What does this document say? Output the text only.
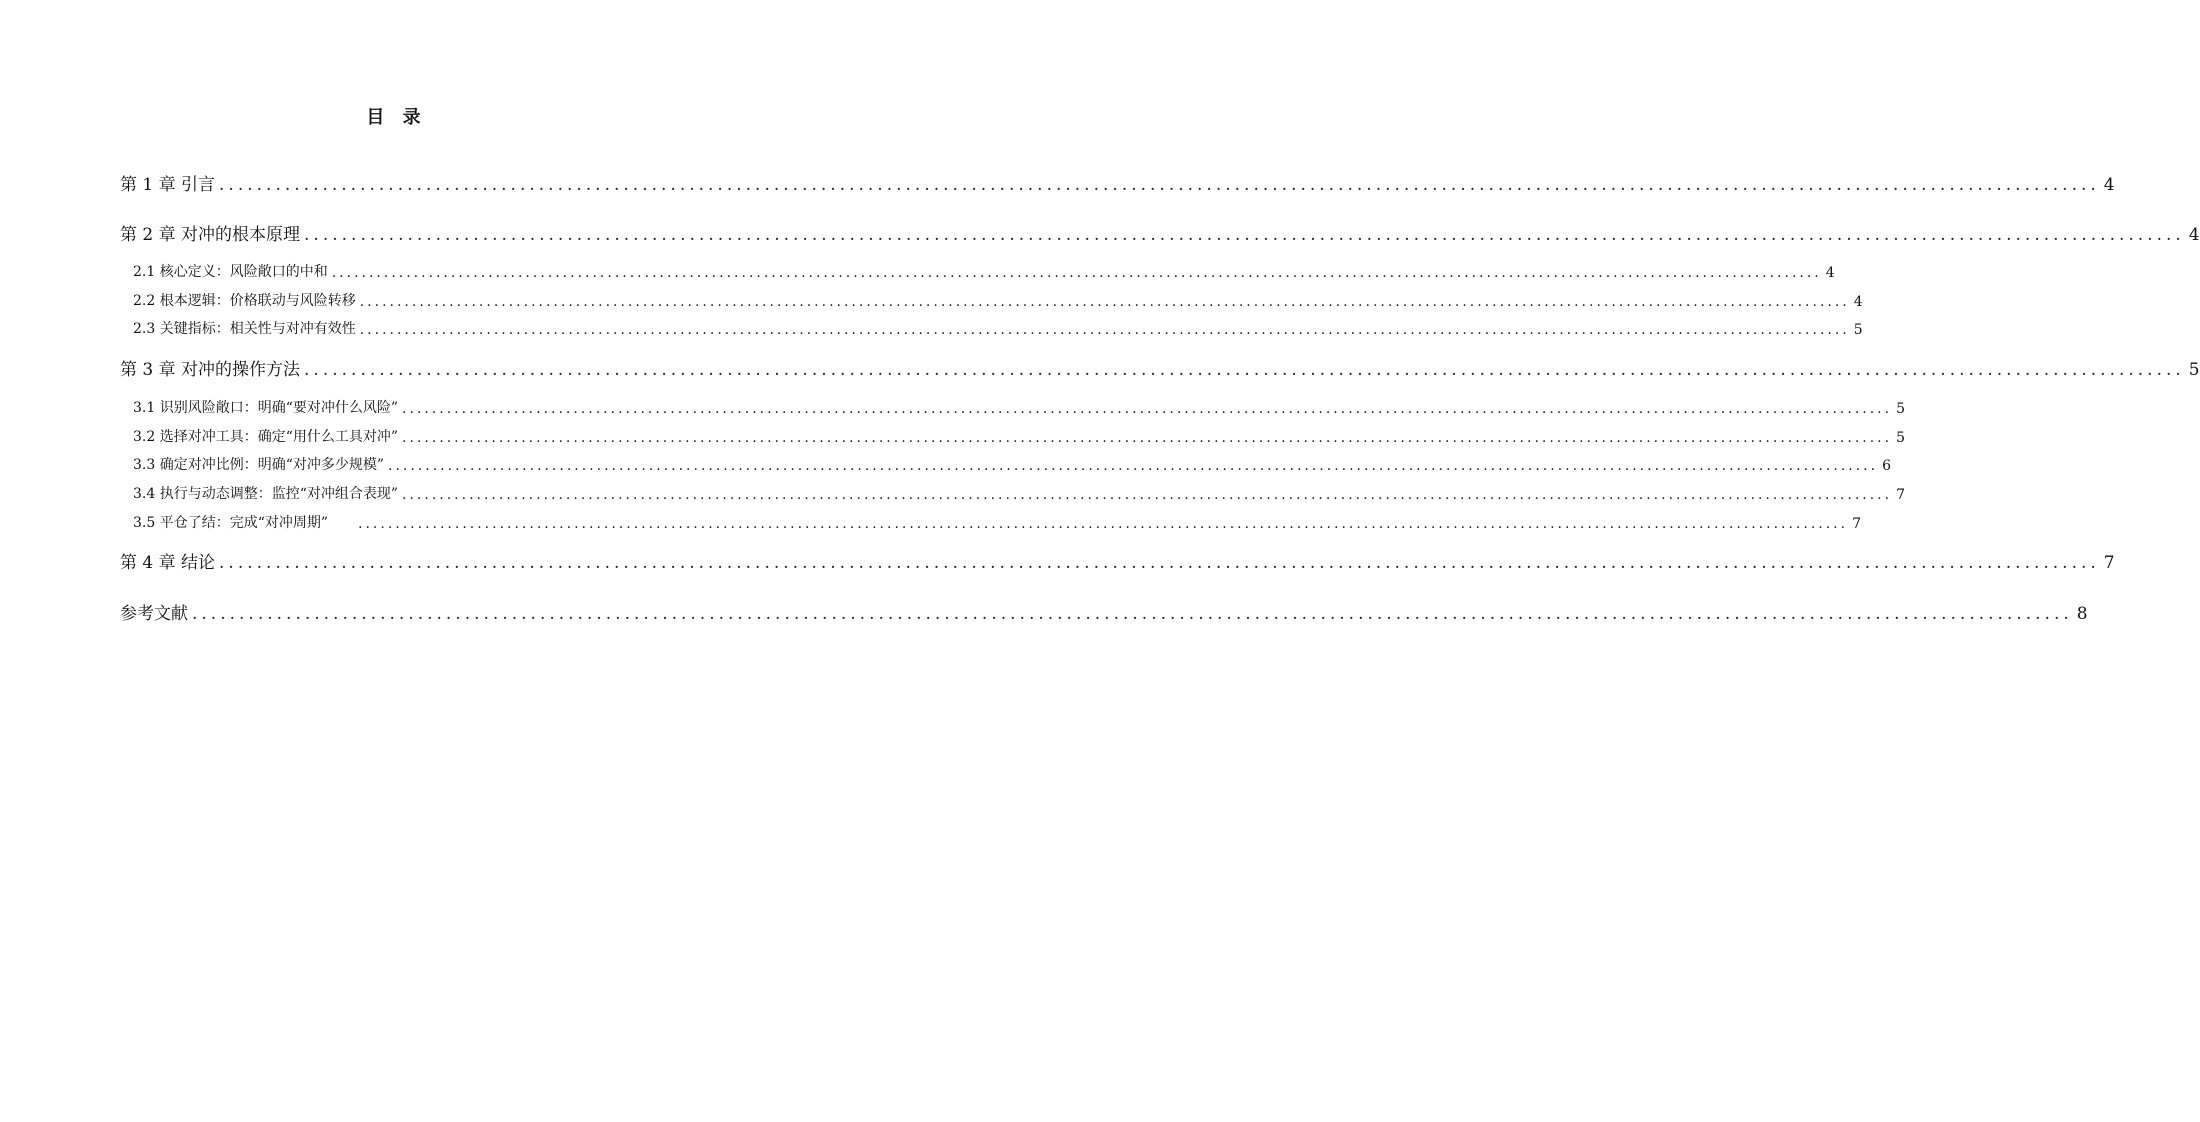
目 录
第 1 章 引言 ........................................................................................................................................................................................................ 4
第 2 章 对冲的根本原理 ........................................................................................................................................................................................................ 4
2.1 核心定义：风险敞口的中和 ........................................................................................................................................................................................................ 4
2.2 根本逻辑：价格联动与风险转移 ........................................................................................................................................................................................................ 4
2.3 关键指标：相关性与对冲有效性 ........................................................................................................................................................................................................ 5
第 3 章 对冲的操作方法 ........................................................................................................................................................................................................ 5
3.1 识别风险敞口：明确“要对冲什么风险” ........................................................................................................................................................................................................ 5
3.2 选择对冲工具：确定“用什么工具对冲” ........................................................................................................................................................................................................ 5
3.3 确定对冲比例：明确“对冲多少规模” ........................................................................................................................................................................................................ 6
3.4 执行与动态调整：监控“对冲组合表现” ........................................................................................................................................................................................................ 7
3.5 平仓了结：完成“对冲周期”	........................................................................................................................................................................................................ 7
第 4 章 结论 ........................................................................................................................................................................................................ 7
参考文献 ........................................................................................................................................................................................................ 8
